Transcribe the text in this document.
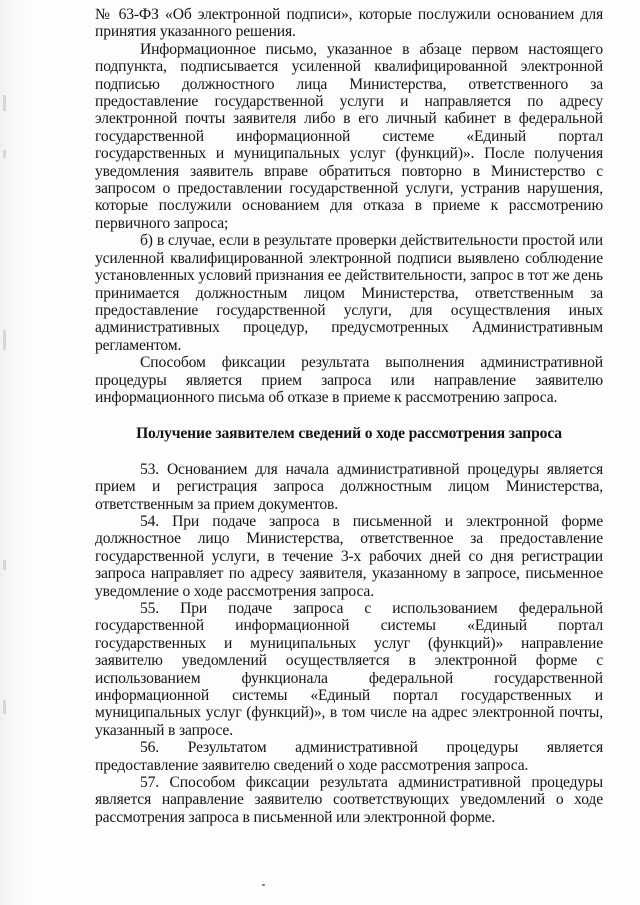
№ 63-ФЗ «Об электронной подписи», которые послужили основанием для принятия указанного решения.

Информационное письмо, указанное в абзаце первом настоящего подпункта, подписывается усиленной квалифицированной электронной подписью должностного лица Министерства, ответственного за предоставление государственной услуги и направляется по адресу электронной почты заявителя либо в его личный кабинет в федеральной государственной информационной системе «Единый портал государственных и муниципальных услуг (функций)». После получения уведомления заявитель вправе обратиться повторно в Министерство с запросом о предоставлении государственной услуги, устранив нарушения, которые послужили основанием для отказа в приеме к рассмотрению первичного запроса;

б) в случае, если в результате проверки действительности простой или усиленной квалифицированной электронной подписи выявлено соблюдение установленных условий признания ее действительности, запрос в тот же день принимается должностным лицом Министерства, ответственным за предоставление государственной услуги, для осуществления иных административных процедур, предусмотренных Административным регламентом.

Способом фиксации результата выполнения административной процедуры является прием запроса или направление заявителю информационного письма об отказе в приеме к рассмотрению запроса.

Получение заявителем сведений о ходе рассмотрения запроса

53. Основанием для начала административной процедуры является прием и регистрация запроса должностным лицом Министерства, ответственным за прием документов.

54. При подаче запроса в письменной и электронной форме должностное лицо Министерства, ответственное за предоставление государственной услуги, в течение 3-х рабочих дней со дня регистрации запроса направляет по адресу заявителя, указанному в запросе, письменное уведомление о ходе рассмотрения запроса.

55. При подаче запроса с использованием федеральной государственной информационной системы «Единый портал государственных и муниципальных услуг (функций)» направление заявителю уведомлений осуществляется в электронной форме с использованием функционала федеральной государственной информационной системы «Единый портал государственных и муниципальных услуг (функций)», в том числе на адрес электронной почты, указанный в запросе.

56. Результатом административной процедуры является предоставление заявителю сведений о ходе рассмотрения запроса.

57. Способом фиксации результата административной процедуры является направление заявителю соответствующих уведомлений о ходе рассмотрения запроса в письменной или электронной форме.
